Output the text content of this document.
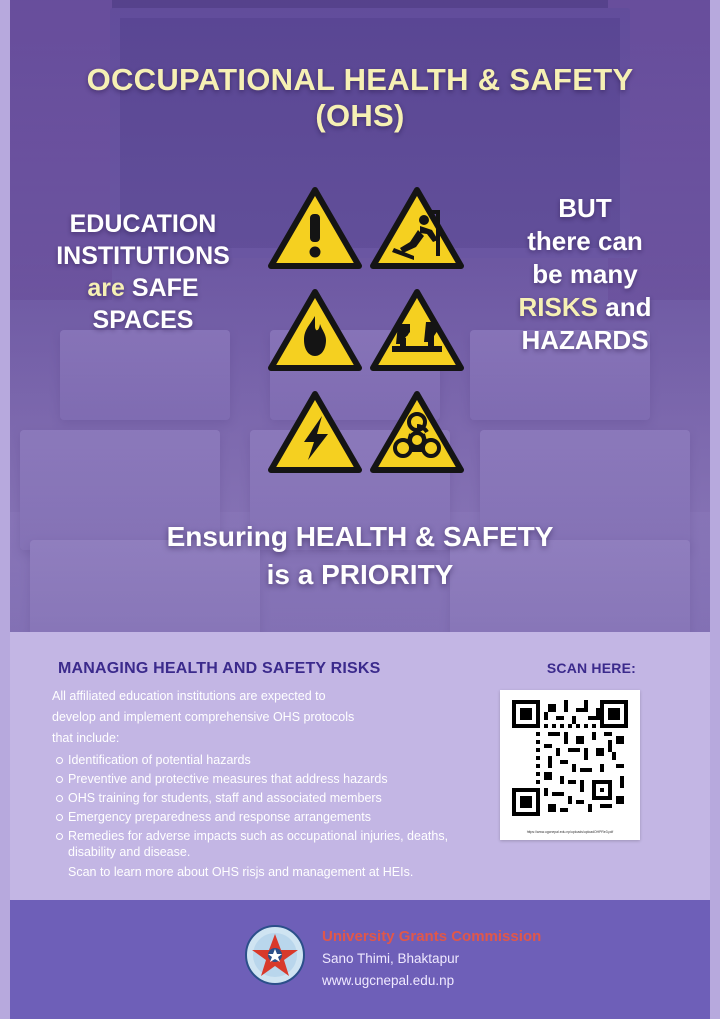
OCCUPATIONAL HEALTH & SAFETY
(OHS)
EDUCATION
INSTITUTIONS
are SAFE
SPACES
BUT
there can
be many
RISKS and
HAZARDS
Ensuring HEALTH & SAFETY
is a PRIORITY
MANAGING HEALTH AND SAFETY RISKS

All affiliated education institutions are expected to

develop and implement comprehensive OHS protocols

that include:

Identification of potential hazards
Preventive and protective measures that address hazards
OHS training for students, staff and associated members
Emergency preparedness and response arrangements
Remedies for adverse impacts such as occupational injuries, deaths, disability and disease.

Scan to learn more about OHS risjs and management at HEIs.

SCAN HERE:
https://www.ugcnepal.edu.np/uploads/uploadOHPRe3.pdf
University Grants Commission
Sano Thimi, Bhaktapur
www.ugcnepal.edu.np
